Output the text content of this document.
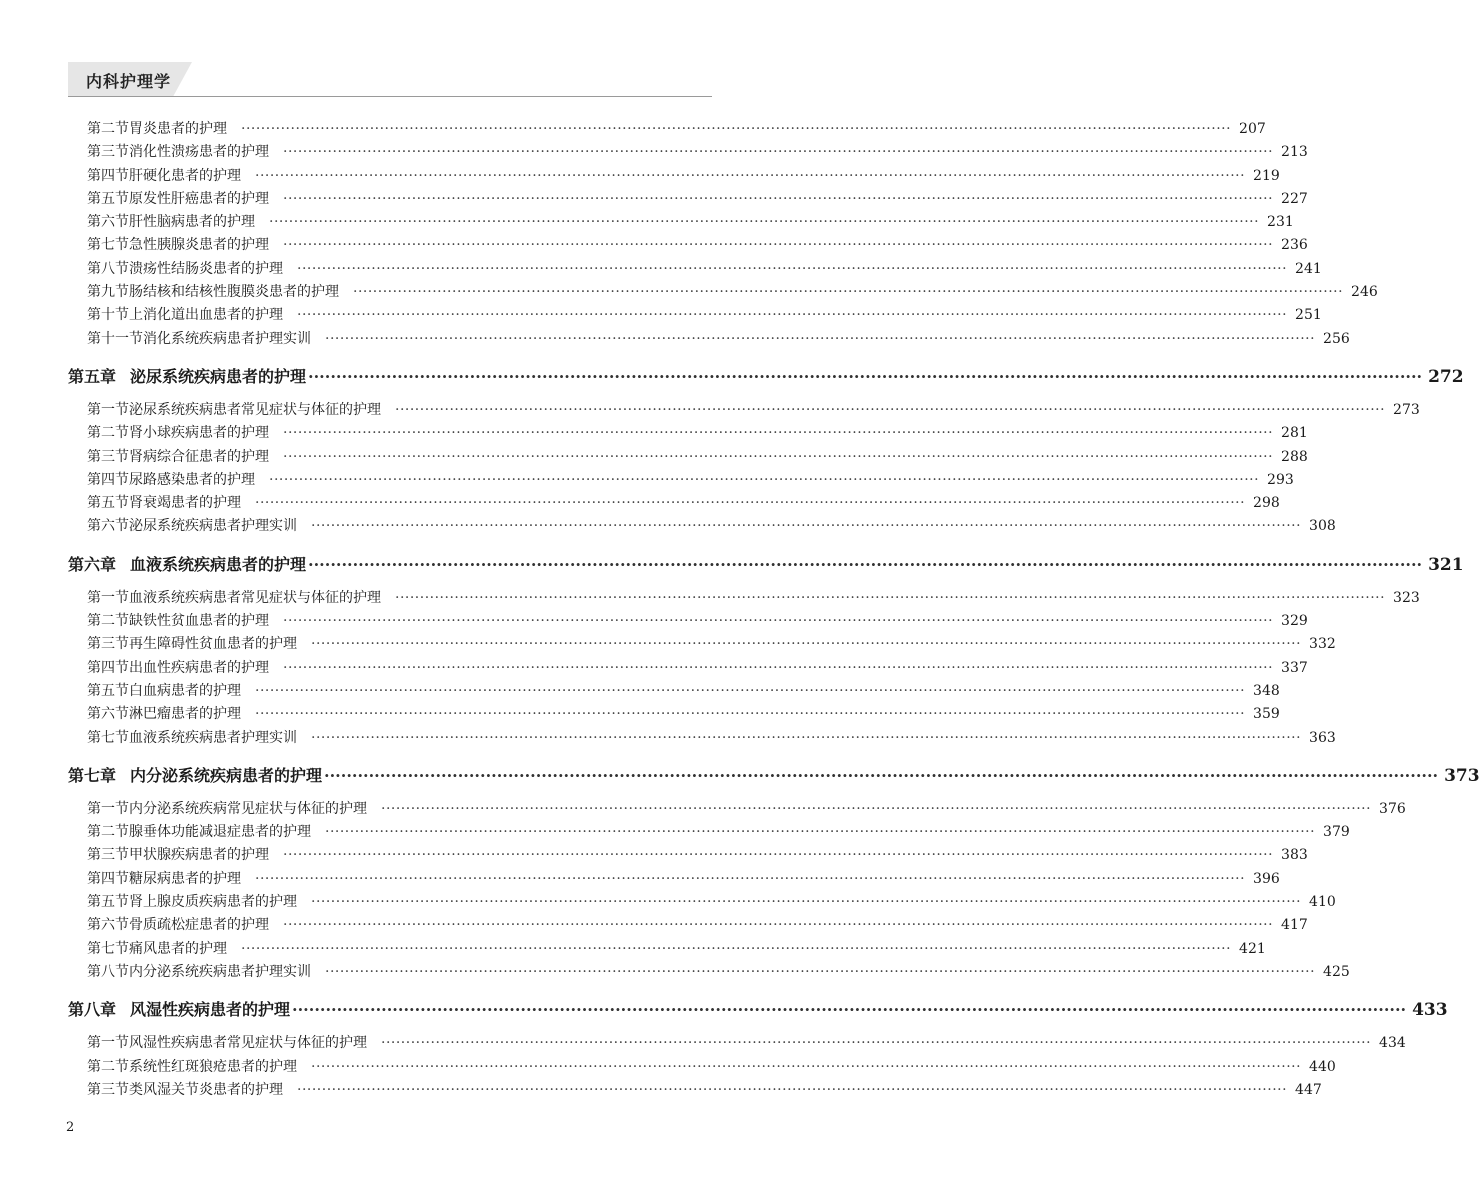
内科护理学
第二节 胃炎患者的护理 ········································································································································································································ 207
第三节 消化性溃疡患者的护理 ········································································································································································································ 213
第四节 肝硬化患者的护理 ········································································································································································································ 219
第五节 原发性肝癌患者的护理 ········································································································································································································ 227
第六节 肝性脑病患者的护理 ········································································································································································································ 231
第七节 急性胰腺炎患者的护理 ········································································································································································································ 236
第八节 溃疡性结肠炎患者的护理 ········································································································································································································ 241
第九节 肠结核和结核性腹膜炎患者的护理 ········································································································································································································ 246
第十节 上消化道出血患者的护理 ········································································································································································································ 251
第十一节 消化系统疾病患者护理实训 ········································································································································································································ 256
第五章 泌尿系统疾病患者的护理 ········································································································································································································ 272
第一节 泌尿系统疾病患者常见症状与体征的护理 ········································································································································································································ 273
第二节 肾小球疾病患者的护理 ········································································································································································································ 281
第三节 肾病综合征患者的护理 ········································································································································································································ 288
第四节 尿路感染患者的护理 ········································································································································································································ 293
第五节 肾衰竭患者的护理 ········································································································································································································ 298
第六节 泌尿系统疾病患者护理实训 ········································································································································································································ 308
第六章 血液系统疾病患者的护理 ········································································································································································································ 321
第一节 血液系统疾病患者常见症状与体征的护理 ········································································································································································································ 323
第二节 缺铁性贫血患者的护理 ········································································································································································································ 329
第三节 再生障碍性贫血患者的护理 ········································································································································································································ 332
第四节 出血性疾病患者的护理 ········································································································································································································ 337
第五节 白血病患者的护理 ········································································································································································································ 348
第六节 淋巴瘤患者的护理 ········································································································································································································ 359
第七节 血液系统疾病患者护理实训 ········································································································································································································ 363
第七章 内分泌系统疾病患者的护理 ········································································································································································································ 373
第一节 内分泌系统疾病常见症状与体征的护理 ········································································································································································································ 376
第二节 腺垂体功能减退症患者的护理 ········································································································································································································ 379
第三节 甲状腺疾病患者的护理 ········································································································································································································ 383
第四节 糖尿病患者的护理 ········································································································································································································ 396
第五节 肾上腺皮质疾病患者的护理 ········································································································································································································ 410
第六节 骨质疏松症患者的护理 ········································································································································································································ 417
第七节 痛风患者的护理 ········································································································································································································ 421
第八节 内分泌系统疾病患者护理实训 ········································································································································································································ 425
第八章 风湿性疾病患者的护理 ········································································································································································································ 433
第一节 风湿性疾病患者常见症状与体征的护理 ········································································································································································································ 434
第二节 系统性红斑狼疮患者的护理 ········································································································································································································ 440
第三节 类风湿关节炎患者的护理 ········································································································································································································ 447
2
